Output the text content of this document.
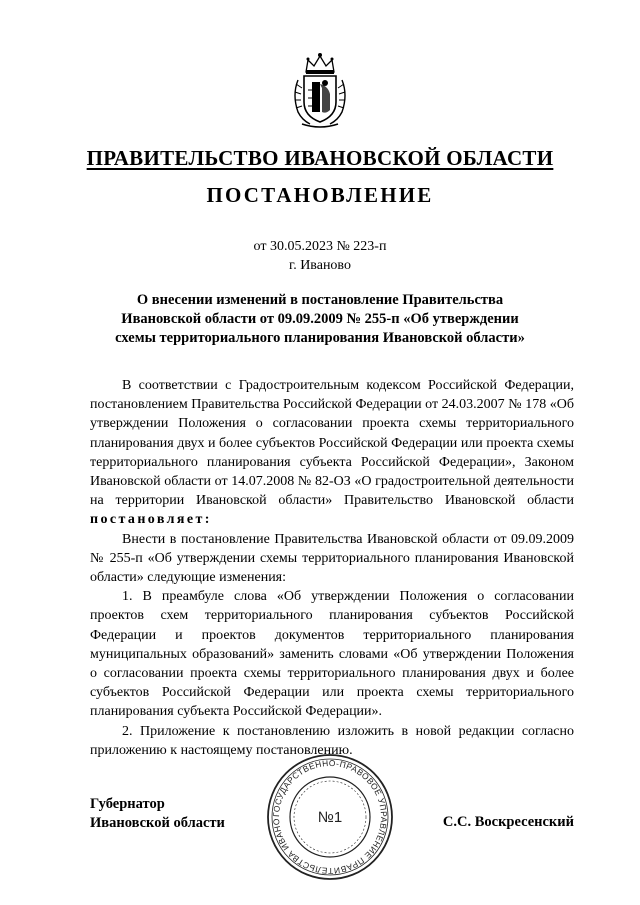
ПРАВИТЕЛЬСТВО ИВАНОВСКОЙ ОБЛАСТИ
ПОСТАНОВЛЕНИЕ
от 30.05.2023 № 223-п
г. Иваново
О внесении изменений в постановление Правительства Ивановской области от 09.09.2009 № 255-п «Об утверждении схемы территориального планирования Ивановской области»

В соответствии с Градостроительным кодексом Российской Федерации, постановлением Правительства Российской Федерации от 24.03.2007 № 178 «Об утверждении Положения о согласовании проекта схемы территориального планирования двух и более субъектов Российской Федерации или проекта схемы территориального планирования субъекта Российской Федерации», Законом Ивановской области от 14.07.2008 № 82-ОЗ «О градостроительной деятельности на территории Ивановской области» Правительство Ивановской области постановляет:

Внести в постановление Правительства Ивановской области от 09.09.2009 № 255-п «Об утверждении схемы территориального планирования Ивановской области» следующие изменения:

1. В преамбуле слова «Об утверждении Положения о согласовании проектов схем территориального планирования субъектов Российской Федерации и проектов документов территориального планирования муниципальных образований» заменить словами «Об утверждении Положения о согласовании проекта схемы территориального планирования двух и более субъектов Российской Федерации или проекта схемы территориального планирования субъекта Российской Федерации».

2. Приложение к постановлению изложить в новой редакции согласно приложению к настоящему постановлению.

Губернатор
Ивановской области
ГОСУДАРСТВЕННО-ПРАВОВОЕ УПРАВЛЕНИЕ ПРАВИТЕЛЬСТВА ИВАНО	№1	С.С. Воскресенский
